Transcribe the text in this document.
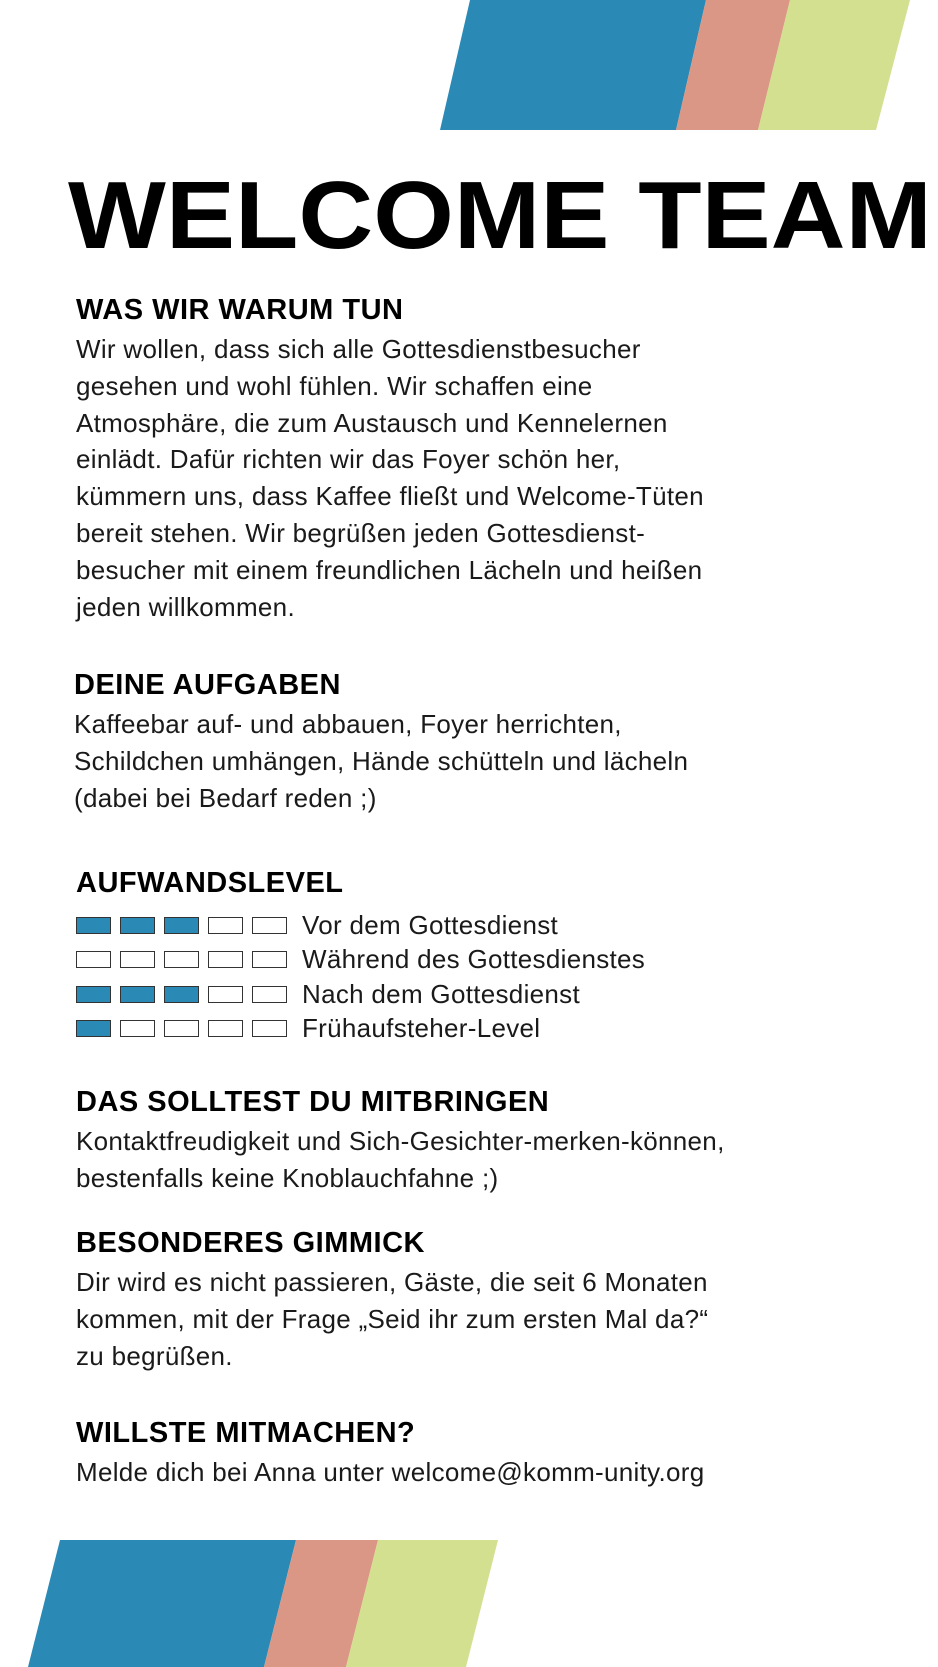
WELCOME TEAM
WAS WIR WARUM TUN

Wir wollen, dass sich alle Gottesdienstbesucher
gesehen und wohl fühlen. Wir schaffen eine
Atmosphäre, die zum Austausch und Kennelernen
einlädt. Dafür richten wir das Foyer schön her,
kümmern uns, dass Kaffee fließt und Welcome-Tüten
bereit stehen. Wir begrüßen jeden Gottesdienst-
besucher mit einem freundlichen Lächeln und heißen
jeden willkommen.

DEINE AUFGABEN

Kaffeebar auf- und abbauen, Foyer herrichten,
Schildchen umhängen, Hände schütteln und lächeln
(dabei bei Bedarf reden ;)

AUFWANDSLEVEL
Vor dem Gottesdienst
Während des Gottesdienstes
Nach dem Gottesdienst
Frühaufsteher-Level
DAS SOLLTEST DU MITBRINGEN

Kontaktfreudigkeit und Sich-Gesichter-merken-können,
bestenfalls keine Knoblauchfahne ;)

BESONDERES GIMMICK

Dir wird es nicht passieren, Gäste, die seit 6 Monaten
kommen, mit der Frage „Seid ihr zum ersten Mal da?“
zu begrüßen.

WILLSTE MITMACHEN?

Melde dich bei Anna unter welcome@komm-unity.org
